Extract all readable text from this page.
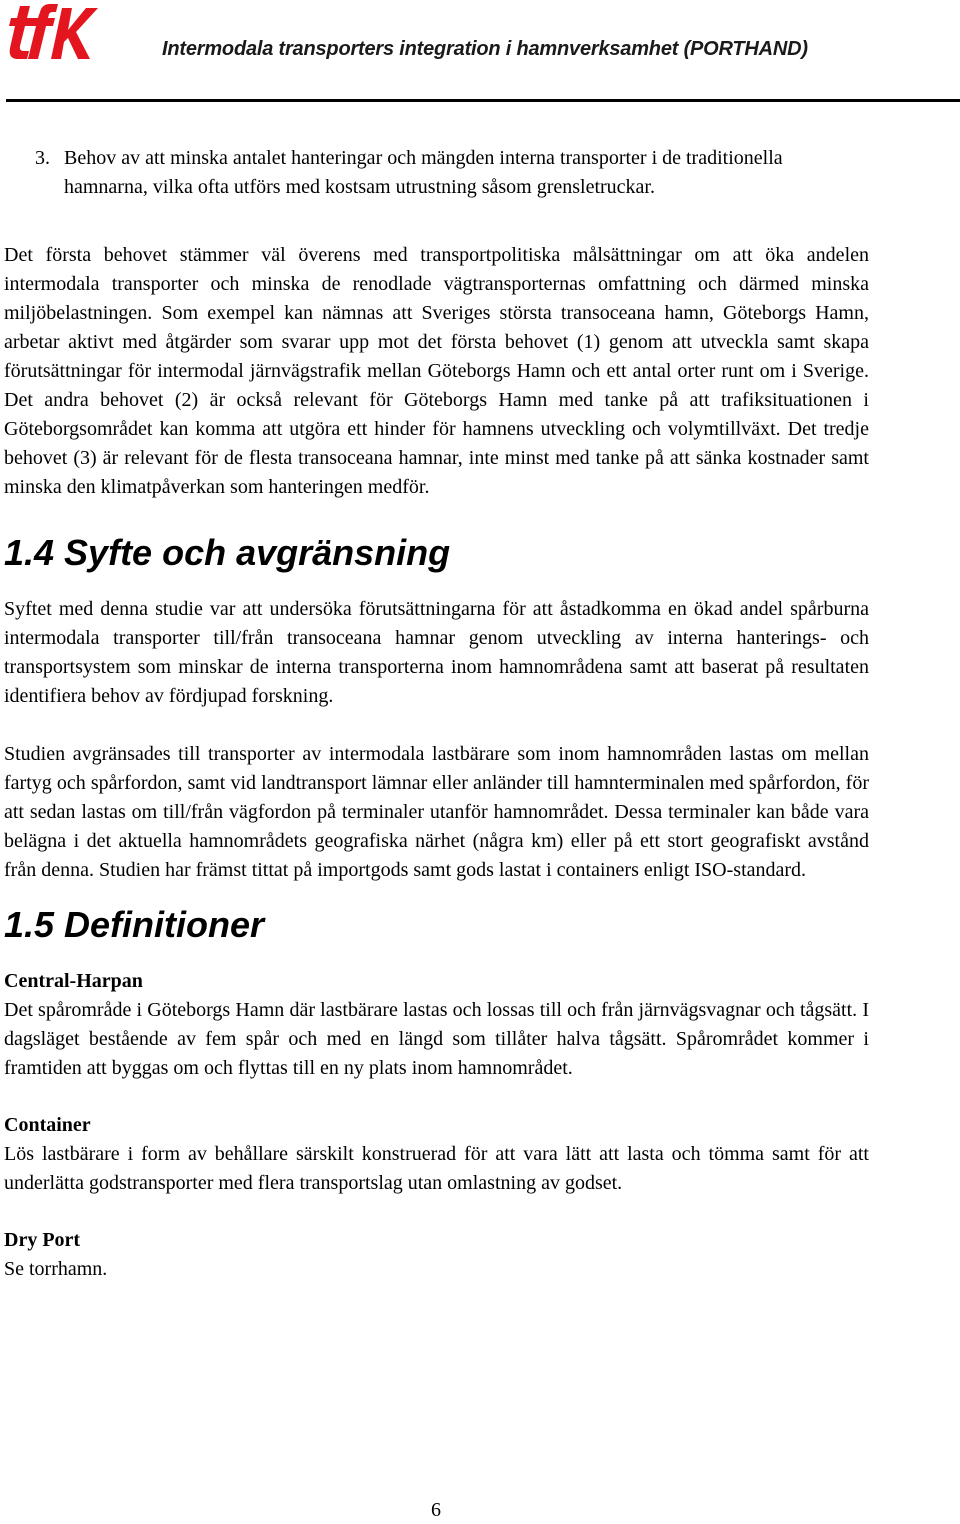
Intermodala transporters integration i hamnverksamhet (PORTHAND)
3. Behov av att minska antalet hanteringar och mängden interna transporter i de traditionella hamnarna, vilka ofta utförs med kostsam utrustning såsom grensletruckar.

Det första behovet stämmer väl överens med transportpolitiska målsättningar om att öka andelen intermodala transporter och minska de renodlade vägtransporternas omfattning och därmed minska miljöbelastningen. Som exempel kan nämnas att Sveriges största transoceana hamn, Göteborgs Hamn, arbetar aktivt med åtgärder som svarar upp mot det första behovet (1) genom att utveckla samt skapa förutsättningar för intermodal järnvägstrafik mellan Göteborgs Hamn och ett antal orter runt om i Sverige. Det andra behovet (2) är också relevant för Göteborgs Hamn med tanke på att trafiksituationen i Göteborgsområdet kan komma att utgöra ett hinder för hamnens utveckling och volymtillväxt. Det tredje behovet (3) är relevant för de flesta transoceana hamnar, inte minst med tanke på att sänka kostnader samt minska den klimatpåverkan som hanteringen medför.

1.4 Syfte och avgränsning

Syftet med denna studie var att undersöka förutsättningarna för att åstadkomma en ökad andel spårburna intermodala transporter till/från transoceana hamnar genom utveckling av interna hanterings- och transportsystem som minskar de interna transporterna inom hamnområdena samt att baserat på resultaten identifiera behov av fördjupad forskning.

Studien avgränsades till transporter av intermodala lastbärare som inom hamnområden lastas om mellan fartyg och spårfordon, samt vid landtransport lämnar eller anländer till hamnterminalen med spårfordon, för att sedan lastas om till/från vägfordon på terminaler utanför hamnområdet. Dessa terminaler kan både vara belägna i det aktuella hamnområdets geografiska närhet (några km) eller på ett stort geografiskt avstånd från denna. Studien har främst tittat på importgods samt gods lastat i containers enligt ISO-standard.

1.5 Definitioner
Central-Harpan
Det spårområde i Göteborgs Hamn där lastbärare lastas och lossas till och från järnvägsvagnar och tågsätt. I dagsläget bestående av fem spår och med en längd som tillåter halva tågsätt. Spårområdet kommer i framtiden att byggas om och flyttas till en ny plats inom hamnområdet.
Container
Lös lastbärare i form av behållare särskilt konstruerad för att vara lätt att lasta och tömma samt för att underlätta godstransporter med flera transportslag utan omlastning av godset.
Dry Port
Se torrhamn.
6
